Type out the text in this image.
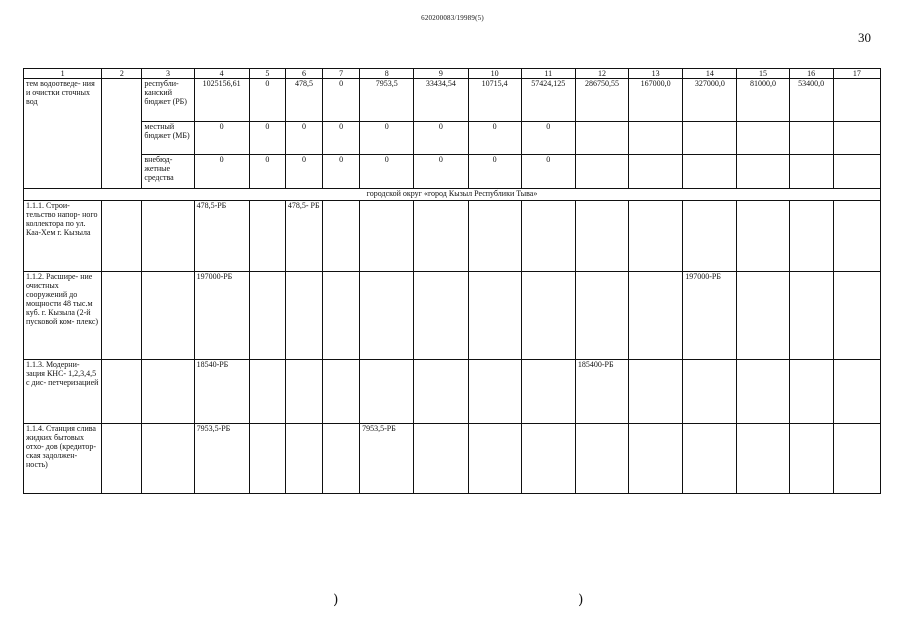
620200083/19989(5)
30
1	2	3	4	5	6	7	8	9	10	11	12	13	14	15	16	17
тем водоотведе- ния и очистки сточных вод		республи- канский бюджет (РБ)	1025156,61	0	478,5	0	7953,5	33434,54	10715,4	57424,125	286750,55	167000,0	327000,0	81000,0	53400,0	
		местный бюджет (МБ)	0	0	0	0	0	0	0	0						
		внебюд- жетные средства	0	0	0	0	0	0	0	0						
городской округ «город Кызыл Республики Тыва»																
1.1.1. Строи- тельство напор- ного коллектора по ул. Каа-Хем г. Кызыла			478,5-РБ		478,5- РБ											
1.1.2. Расшире- ние очистных сооружений до мощности 48 тыс.м куб. г. Кызыла (2-й пусковой ком- плекс)			197000-РБ										197000-РБ			
1.1.3. Модерни- зация КНС- 1,2,3,4,5 с дис- петчеризацией			18540-РБ								185400-РБ					
1.1.4. Станция слива жидких бытовых отхо- дов (кредитор- ская задолжен- ность)			7953,5-РБ				7953,5-РБ									
)	)
